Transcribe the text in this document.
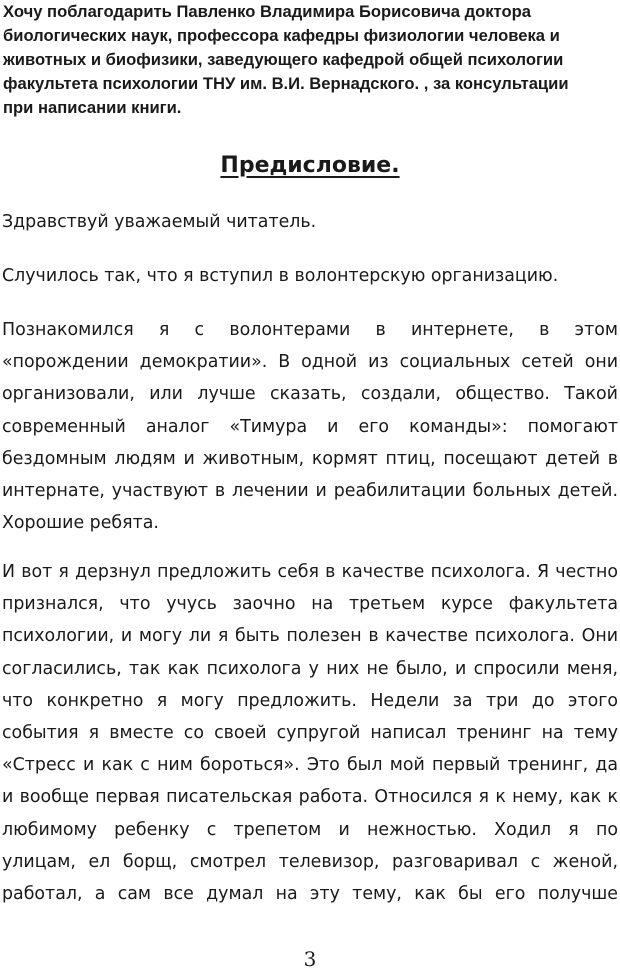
Хочу поблагодарить Павленко Владимира Борисовича доктора
биологических наук, профессора кафедры физиологии человека и
животных и биофизики, заведующего кафедрой общей психологии
факультета психологии ТНУ им. В.И. Вернадского. , за консультации
при написании книги.
Предисловие.
Здравствуй уважаемый читатель.
Случилось так, что я вступил в волонтерскую организацию.
Познакомился я с волонтерами в интернете, в этом
«порождении демократии». В одной из социальных сетей они
организовали, или лучше сказать, создали, общество. Такой
современный аналог «Тимура и его команды»: помогают
бездомным людям и животным, кормят птиц, посещают детей в
интернате, участвуют в лечении и реабилитации больных детей.
Хорошие ребята.
И вот я дерзнул предложить себя в качестве психолога. Я честно
признался, что учусь заочно на третьем курсе факультета
психологии, и могу ли я быть полезен в качестве психолога. Они
согласились, так как психолога у них не было, и спросили меня,
что конкретно я могу предложить. Недели за три до этого
события я вместе со своей супругой написал тренинг на тему
«Стресс и как с ним бороться». Это был мой первый тренинг, да
и вообще первая писательская работа. Относился я к нему, как к
любимому ребенку с трепетом и нежностью. Ходил я по
улицам, ел борщ, смотрел телевизор, разговаривал с женой,
работал, а сам все думал на эту тему, как бы его получше
3
